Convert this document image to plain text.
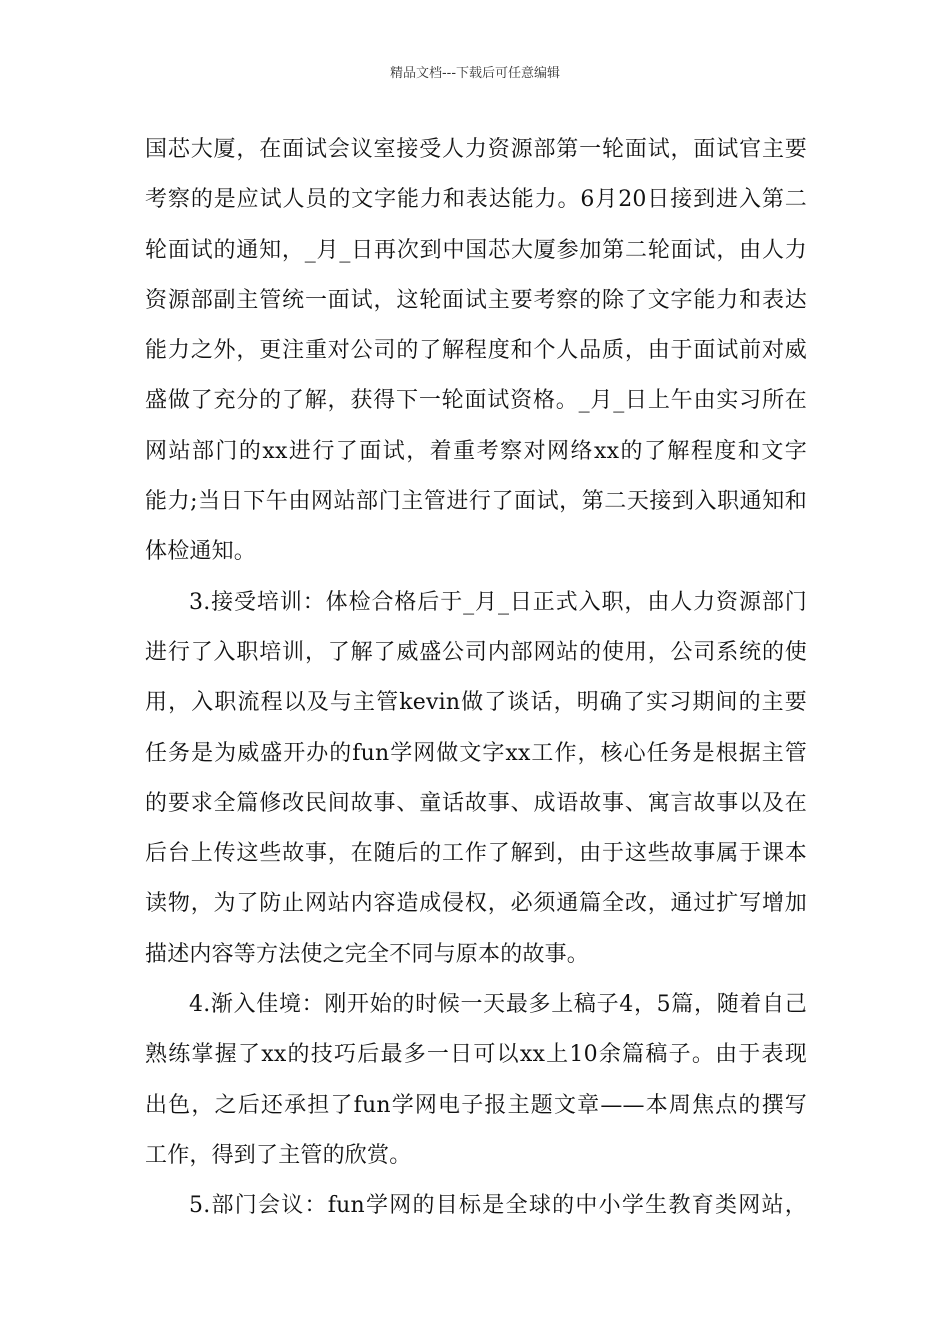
精品文档---下载后可任意编辑
国芯大厦，在面试会议室接受人力资源部第一轮面试，面试官主要
考察的是应试人员的文字能力和表达能力。6月20日接到进入第二
轮面试的通知，_月_日再次到中国芯大厦参加第二轮面试，由人力
资源部副主管统一面试，这轮面试主要考察的除了文字能力和表达
能力之外，更注重对公司的了解程度和个人品质，由于面试前对威
盛做了充分的了解，获得下一轮面试资格。_月_日上午由实习所在
网站部门的xx进行了面试，着重考察对网络xx的了解程度和文字
能力;当日下午由网站部门主管进行了面试，第二天接到入职通知和
体检通知。
3.接受培训：体检合格后于_月_日正式入职，由人力资源部门
进行了入职培训，了解了威盛公司内部网站的使用，公司系统的使
用，入职流程以及与主管kevin做了谈话，明确了实习期间的主要
任务是为威盛开办的fun学网做文字xx工作，核心任务是根据主管
的要求全篇修改民间故事、童话故事、成语故事、寓言故事以及在
后台上传这些故事，在随后的工作了解到，由于这些故事属于课本
读物，为了防止网站内容造成侵权，必须通篇全改，通过扩写增加
描述内容等方法使之完全不同与原本的故事。
4.渐入佳境：刚开始的时候一天最多上稿子4，5篇，随着自己
熟练掌握了xx的技巧后最多一日可以xx上10余篇稿子。由于表现
出色，之后还承担了fun学网电子报主题文章——本周焦点的撰写
工作，得到了主管的欣赏。
5.部门会议：fun学网的目标是全球的中小学生教育类网站，
